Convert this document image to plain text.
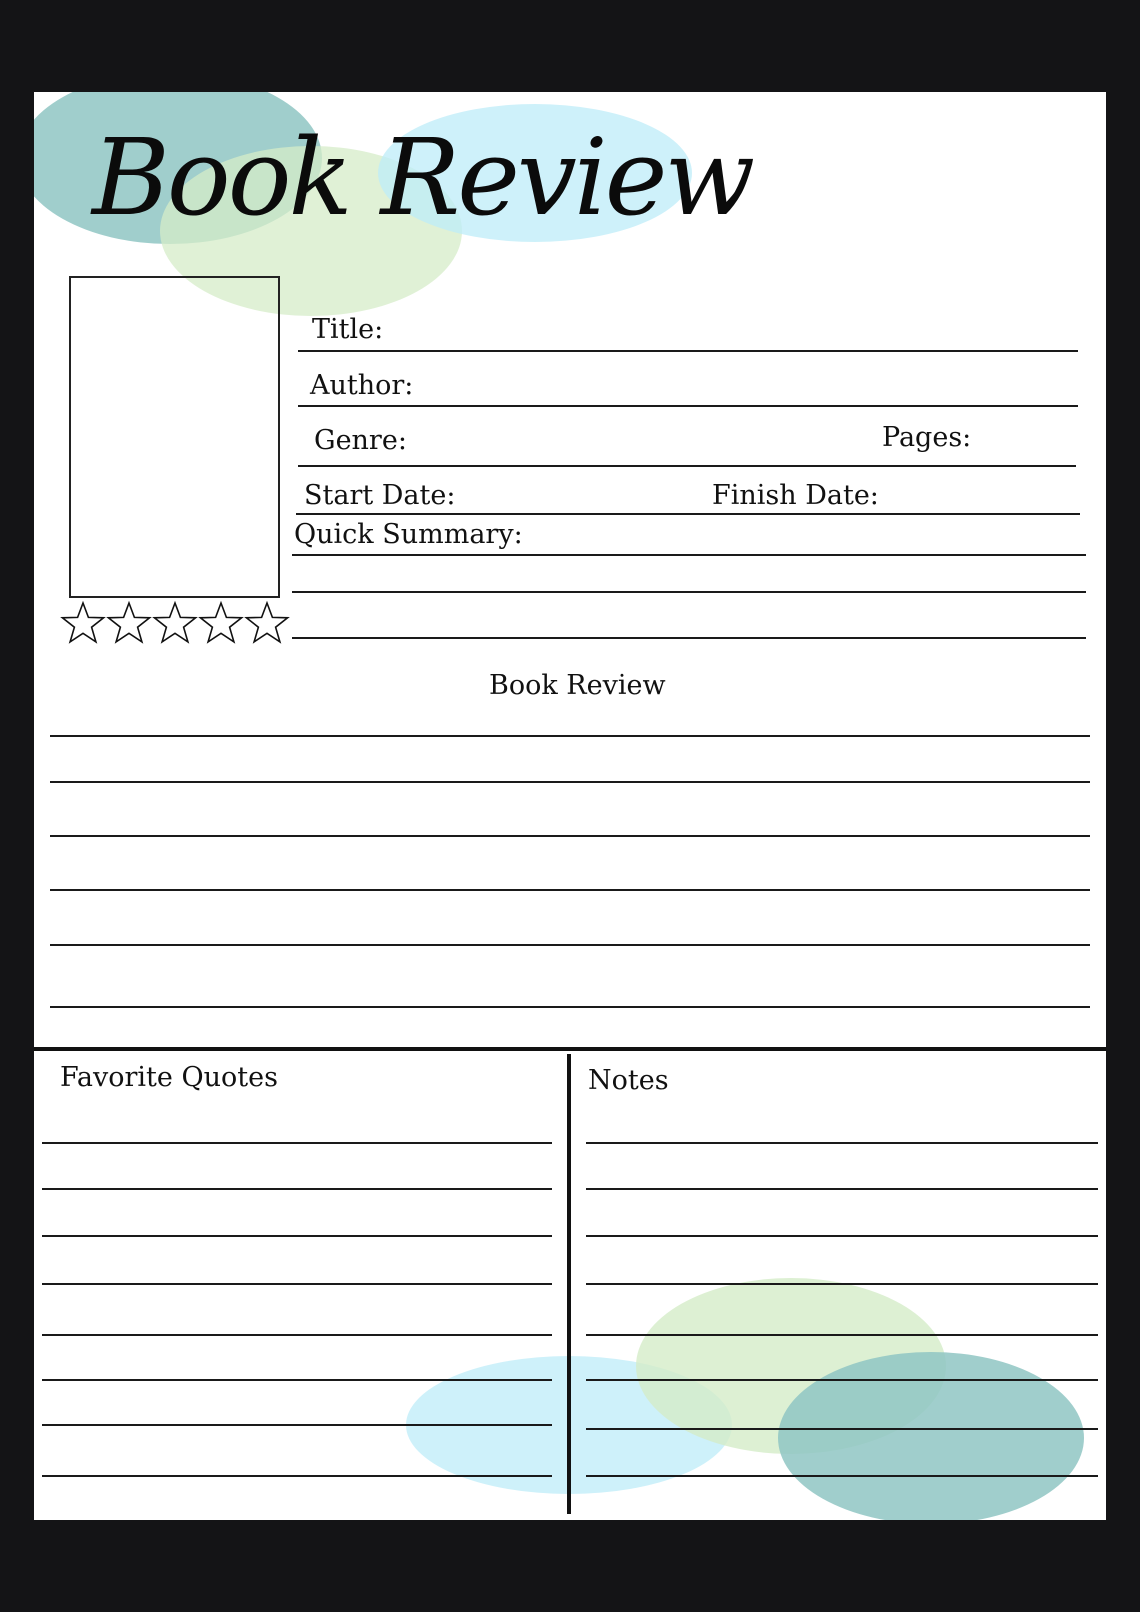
Book Review
Title:
Author:
Genre:	Pages:
Start Date:	Finish Date:
Quick Summary:
Book Review
Favorite Quotes	Notes
